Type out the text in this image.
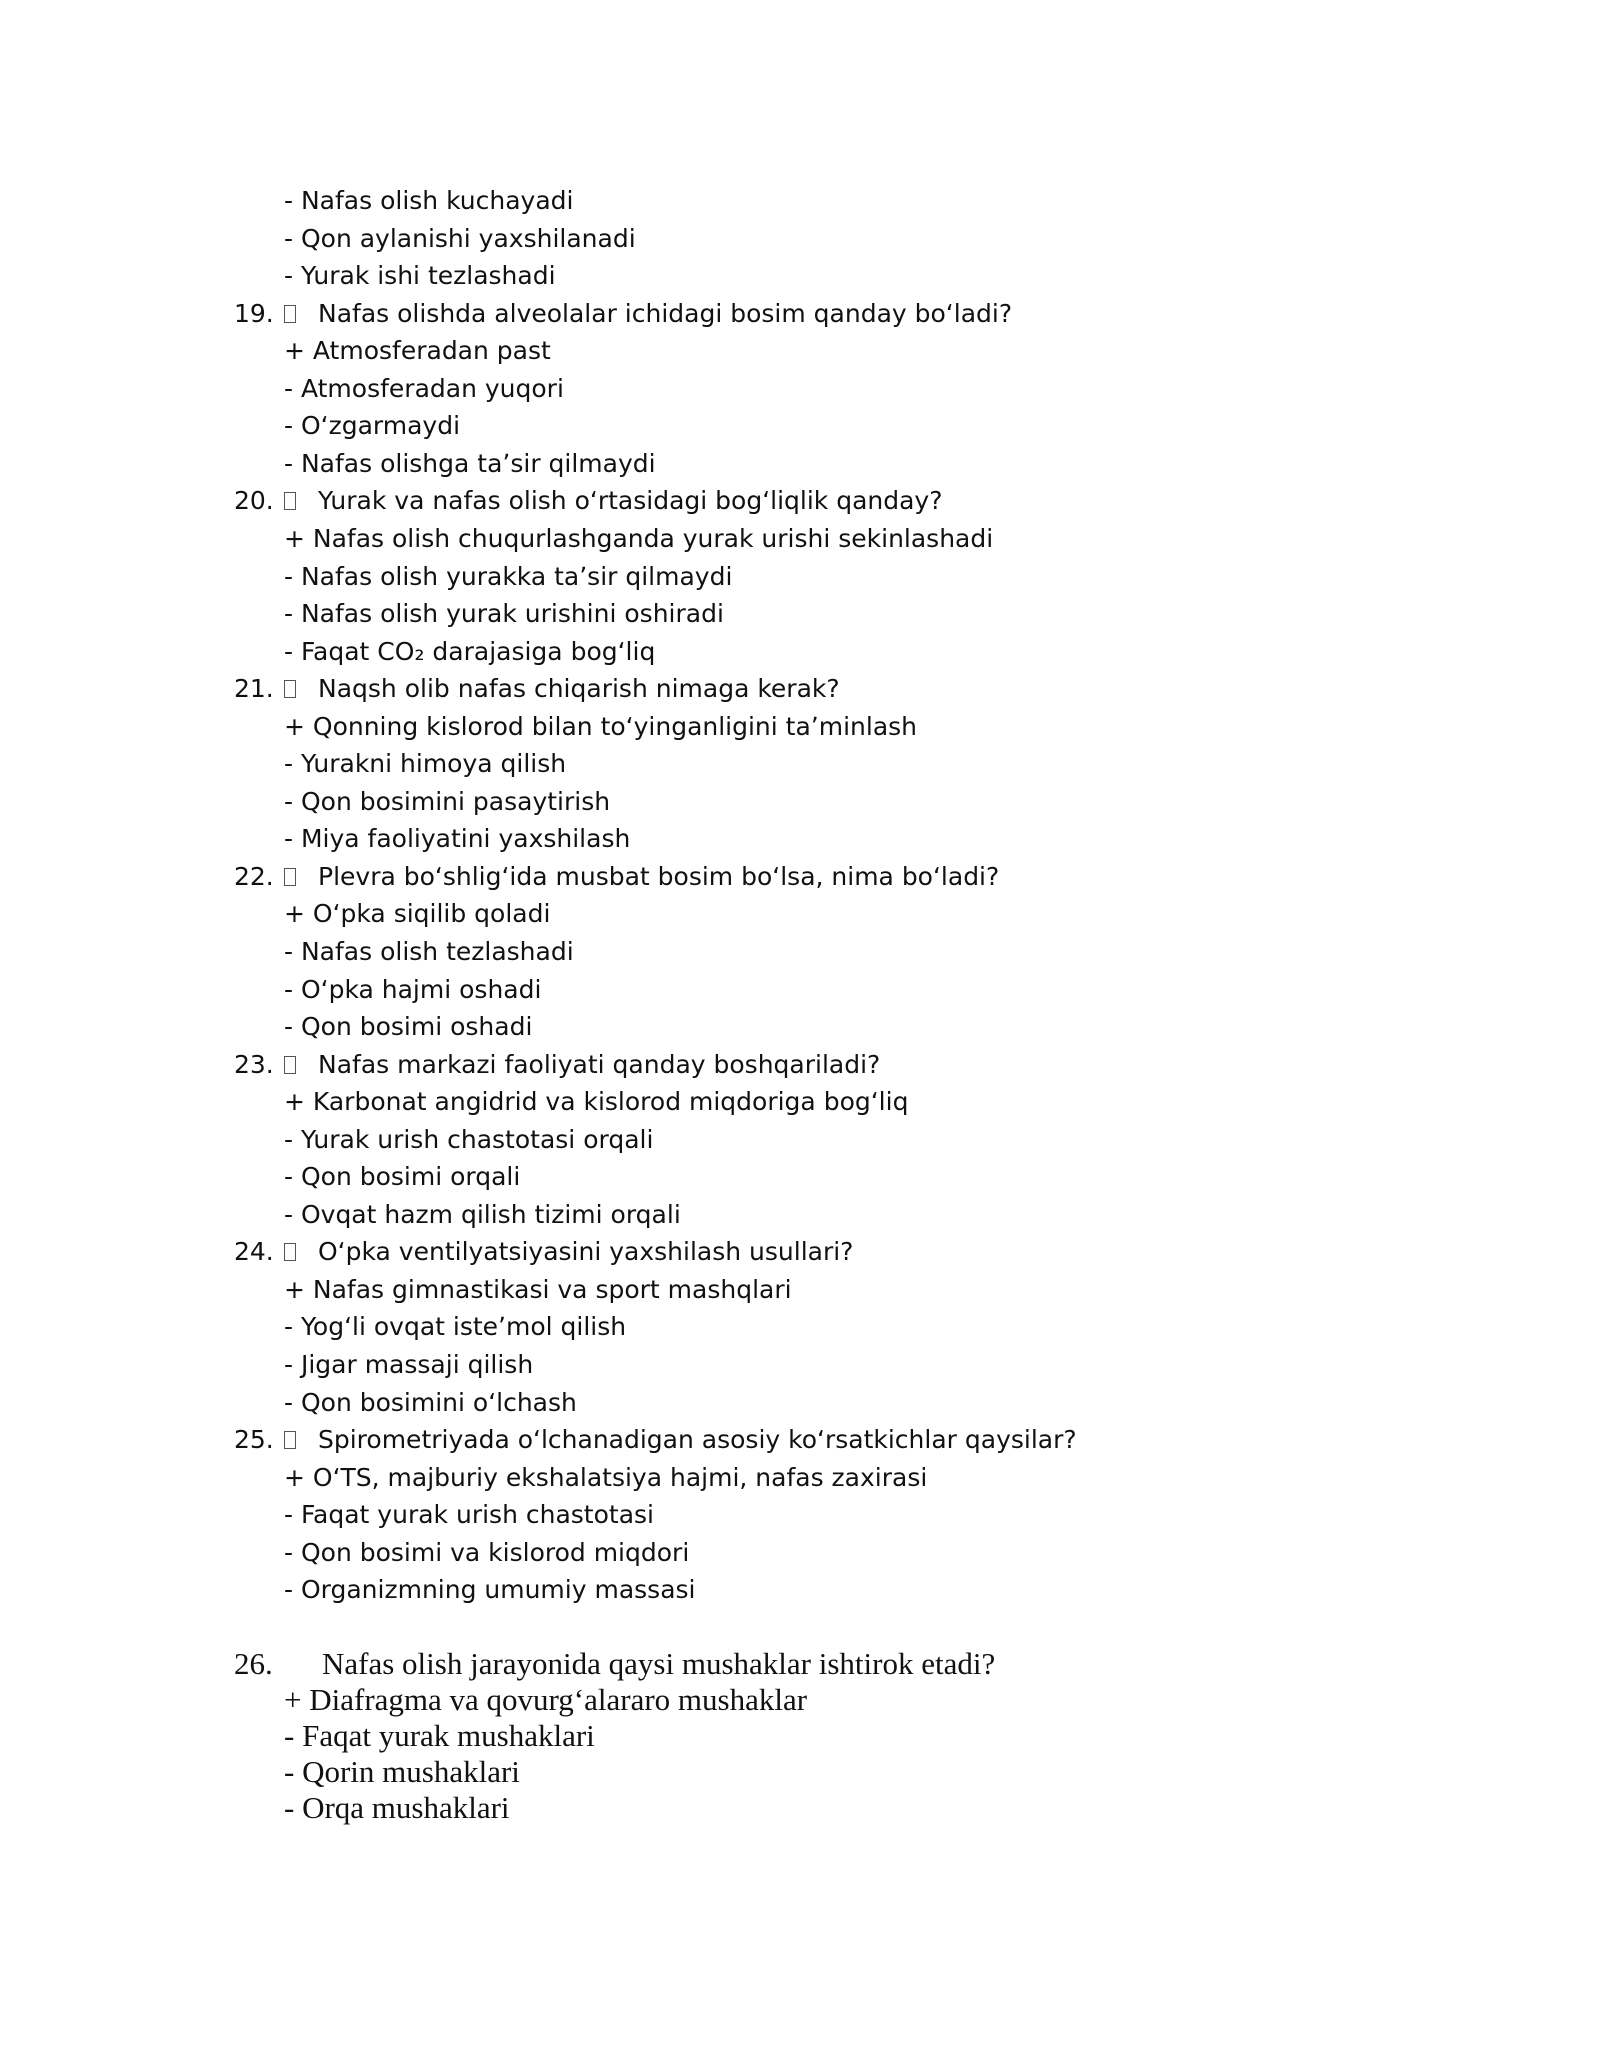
- Nafas olish kuchayadi
- Qon aylanishi yaxshilanadi
- Yurak ishi tezlashadi
19.	Nafas olishda alveolalar ichidagi bosim qanday boʻladi?
+ Atmosferadan past
- Atmosferadan yuqori
- Oʻzgarmaydi
- Nafas olishga taʼsir qilmaydi
20.	Yurak va nafas olish oʻrtasidagi bogʻliqlik qanday?
+ Nafas olish chuqurlashganda yurak urishi sekinlashadi
- Nafas olish yurakka taʼsir qilmaydi
- Nafas olish yurak urishini oshiradi
- Faqat CO₂ darajasiga bogʻliq
21.	Naqsh olib nafas chiqarish nimaga kerak?
+ Qonning kislorod bilan toʻyinganligini taʼminlash
- Yurakni himoya qilish
- Qon bosimini pasaytirish
- Miya faoliyatini yaxshilash
22.	Plevra boʻshligʻida musbat bosim boʻlsa, nima boʻladi?
+ Oʻpka siqilib qoladi
- Nafas olish tezlashadi
- Oʻpka hajmi oshadi
- Qon bosimi oshadi
23.	Nafas markazi faoliyati qanday boshqariladi?
+ Karbonat angidrid va kislorod miqdoriga bogʻliq
- Yurak urish chastotasi orqali
- Qon bosimi orqali
- Ovqat hazm qilish tizimi orqali
24.	Oʻpka ventilyatsiyasini yaxshilash usullari?
+ Nafas gimnastikasi va sport mashqlari
- Yogʻli ovqat isteʼmol qilish
- Jigar massaji qilish
- Qon bosimini oʻlchash
25.	Spirometriyada oʻlchanadigan asosiy koʻrsatkichlar qaysilar?
+ OʻTS, majburiy ekshalatsiya hajmi, nafas zaxirasi
- Faqat yurak urish chastotasi
- Qon bosimi va kislorod miqdori
- Organizmning umumiy massasi
26. Nafas olish jarayonida qaysi mushaklar ishtirok etadi?
+ Diafragma va qovurgʻalararo mushaklar
- Faqat yurak mushaklari
- Qorin mushaklari
- Orqa mushaklari
